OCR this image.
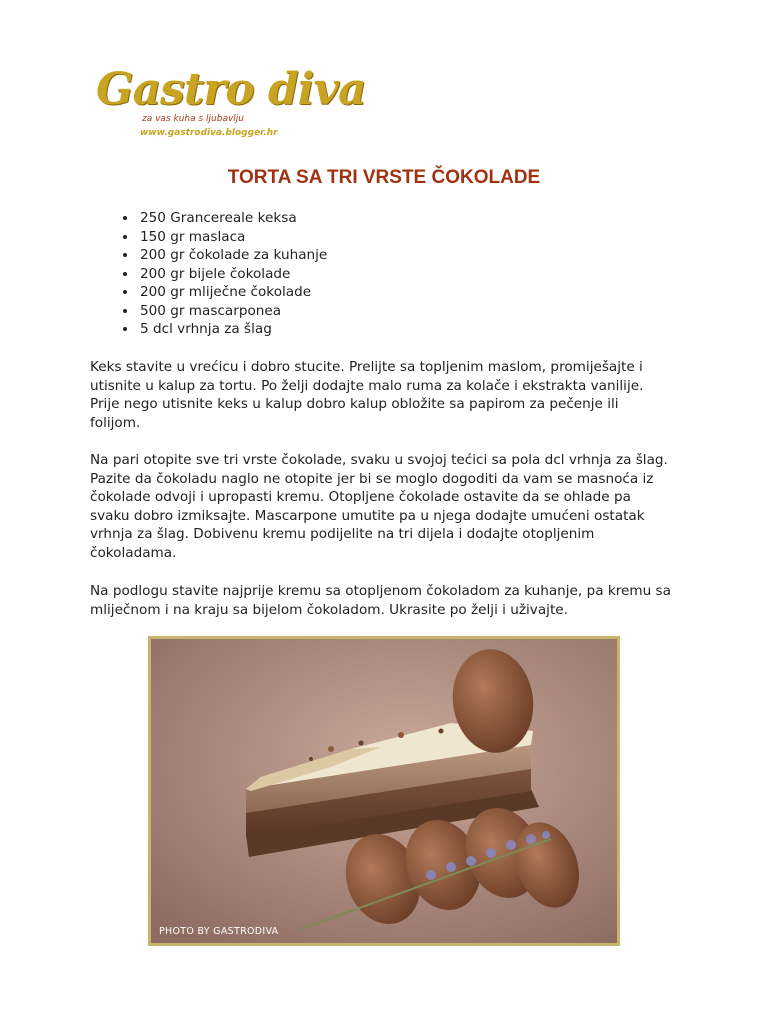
Gastro diva
za vas kuha s ljubavlju
www.gastrodiva.blogger.hr
TORTA SA TRI VRSTE ČOKOLADE
• 250 Grancereale keksa
• 150 gr maslaca
• 200 gr čokolade za kuhanje
• 200 gr bijele čokolade
• 200 gr mliječne čokolade
• 500 gr mascarponea
• 5 dcl vrhnja za šlag
Keks stavite u vrećicu i dobro stucite. Prelijte sa topljenim maslom, promiješajte i
utisnite u kalup za tortu. Po želji dodajte malo ruma za kolače i ekstrakta vanilije.
Prije nego utisnite keks u kalup dobro kalup obložite sa papirom za pečenje ili
folijom.
Na pari otopite sve tri vrste čokolade, svaku u svojoj tećici sa pola dcl vrhnja za šlag.
Pazite da čokoladu naglo ne otopite jer bi se moglo dogoditi da vam se masnoća iz
čokolade odvoji i upropasti kremu. Otopljene čokolade ostavite da se ohlade pa
svaku dobro izmiksajte. Mascarpone umutite pa u njega dodajte umućeni ostatak
vrhnja za šlag. Dobivenu kremu podijelite na tri dijela i dodajte otopljenim
čokoladama.
Na podlogu stavite najprije kremu sa otopljenom čokoladom za kuhanje, pa kremu sa
mliječnom i na kraju sa bijelom čokoladom. Ukrasite po želji i uživajte.
PHOTO BY GASTRODIVA
